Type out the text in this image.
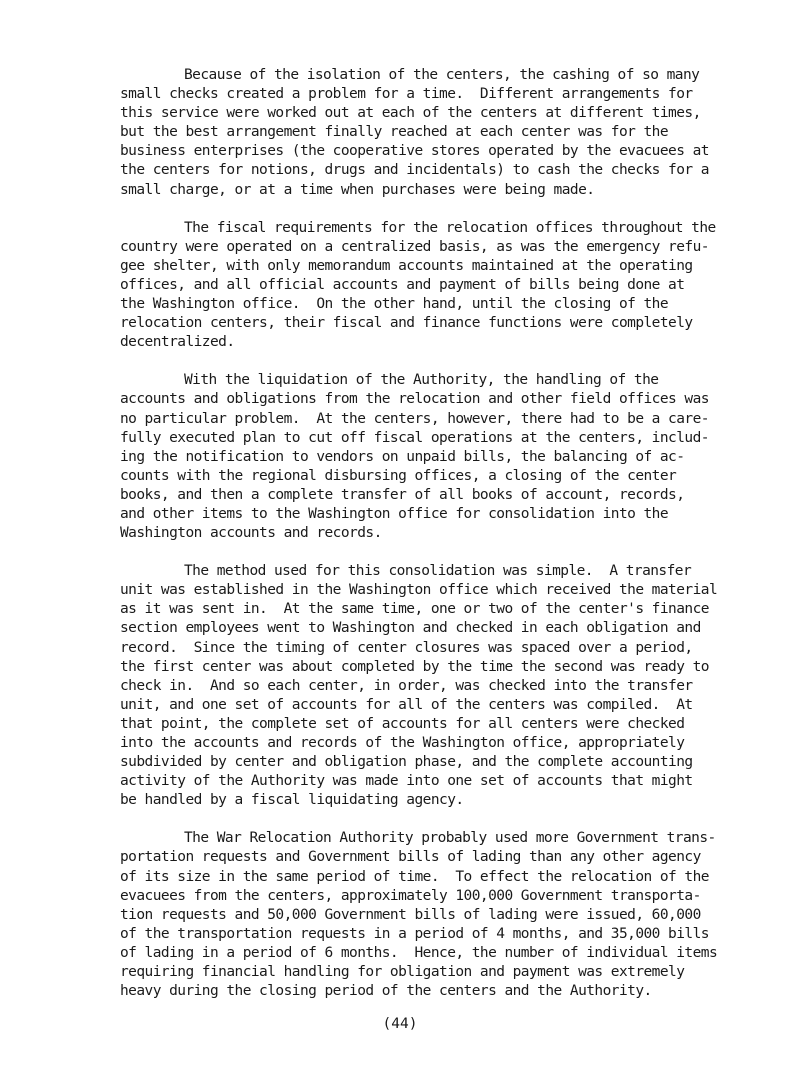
Because of the isolation of the centers, the cashing of so many
small checks created a problem for a time.  Different arrangements for
this service were worked out at each of the centers at different times,
but the best arrangement finally reached at each center was for the
business enterprises (the cooperative stores operated by the evacuees at
the centers for notions, drugs and incidentals) to cash the checks for a
small charge, or at a time when purchases were being made.
The fiscal requirements for the relocation offices throughout the
country were operated on a centralized basis, as was the emergency refu-
gee shelter, with only memorandum accounts maintained at the operating
offices, and all official accounts and payment of bills being done at
the Washington office.  On the other hand, until the closing of the
relocation centers, their fiscal and finance functions were completely
decentralized.
With the liquidation of the Authority, the handling of the
accounts and obligations from the relocation and other field offices was
no particular problem.  At the centers, however, there had to be a care-
fully executed plan to cut off fiscal operations at the centers, includ-
ing the notification to vendors on unpaid bills, the balancing of ac-
counts with the regional disbursing offices, a closing of the center
books, and then a complete transfer of all books of account, records,
and other items to the Washington office for consolidation into the
Washington accounts and records.
The method used for this consolidation was simple.  A transfer
unit was established in the Washington office which received the material
as it was sent in.  At the same time, one or two of the center's finance
section employees went to Washington and checked in each obligation and
record.  Since the timing of center closures was spaced over a period,
the first center was about completed by the time the second was ready to
check in.  And so each center, in order, was checked into the transfer
unit, and one set of accounts for all of the centers was compiled.  At
that point, the complete set of accounts for all centers were checked
into the accounts and records of the Washington office, appropriately
subdivided by center and obligation phase, and the complete accounting
activity of the Authority was made into one set of accounts that might
be handled by a fiscal liquidating agency.
The War Relocation Authority probably used more Government trans-
portation requests and Government bills of lading than any other agency
of its size in the same period of time.  To effect the relocation of the
evacuees from the centers, approximately 100,000 Government transporta-
tion requests and 50,000 Government bills of lading were issued, 60,000
of the transportation requests in a period of 4 months, and 35,000 bills
of lading in a period of 6 months.  Hence, the number of individual items
requiring financial handling for obligation and payment was extremely
heavy during the closing period of the centers and the Authority.
(44)
